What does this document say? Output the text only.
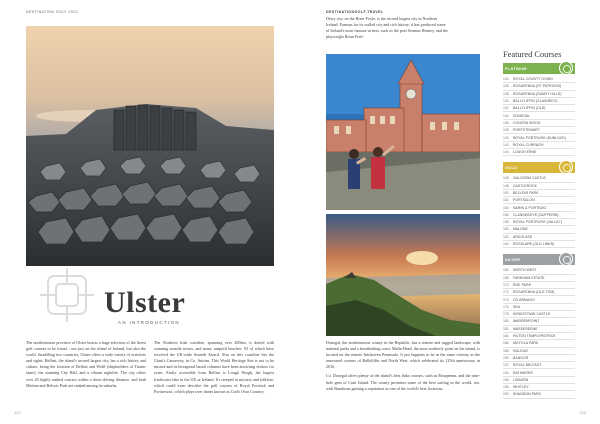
DESTINATION GOLF 2023
Ulster
AN INTRODUCTION

The northernmost province of Ulster boasts a huge selection of the finest golf courses to be found – not just on the island of Ireland, but also the world. Straddling two countries, Ulster offers a wide variety of activities and sights. Belfast, the island's second largest city, has a rich history and culture, being the location of Belfast and Wolff (shipbuilders of Titanic fame), the stunning City Hall, and a vibrant nightlife. The city offers over 20 highly ranked courses within a short driving distance, and both Malone and Belvoir Park are ranked among its suburbs.

The Northern Irish coastline, spanning over 200km, is dotted with stunning seaside towns, and many unspoilt beaches. 93 of which have received the UK-wide Seaside Award. Also on this coastline lies the Giant's Causeway, in Co. Antrim. This World Heritage Site is not to be missed and its hexagonal basalt columns have been attracting visitors for years. Easily accessible from Belfast is Lough Neagh, the largest freshwater lake in the UK or Ireland. It's steeped in mystery and folklore, which could even describe the golf courses of Royal Portrush and Portstewart, which plays over dunes known as God's Own Country.

122
DESTINATIONGOLF.TRAVEL

Derry city, on the River Foyle, is the second largest city in Northern Ireland. Famous for its walled city and rich history, it has produced some of Ireland's most famous writers, such as the poet Seamus Heaney, and the playwright Brian Friel.

Donegal, the northernmost county in the Republic, has a remote and rugged landscape, with national parks and a breathtaking coast. Malin Head, the most northerly point on the island, is located on the remote Inishowen Peninsula. It just happens to be in the same vicinity as the renowned courses of Ballyliffin and North West, which celebrated its 125th anniversary in 2016.

Co. Donegal offers plenty of the island's best links courses, such as Rosapenna, and the nine-hole gem of Cruit Island. The county promises some of the best surfing in the world, too, with Bundoran gaining a reputation as one of the world's best locations.

Featured Courses
PLATINUM
124	ROYAL COUNTY DOWN
126	ROSAPENNA (ST PATRICKS)
128	ROSAPENNA (SANDY HILLS)
130	BALLYLIFFIN (GLASHEDY)
132	BALLYLIFFIN (OLD)
134	DONEGAL
136	CONCRA WOOD
138	PORTSTEWART
140	ROYAL PORTRUSH (DUNLUCE)
142	ROYAL CURRAGH
144	LOUGH ERNE
GOLD
146	GALGORM CASTLE
148	CASTLEROCK
150	BELVOIR PARK
152	PORTSALON
154	NARIN & PORTNOO
156	CLANDEBOYE (DUFFERIN)
158	ROYAL PORTRUSH (VALLEY)
160	MALONE
162	ARDGLASS
164	ROSSLARE (OLD LINKS)
SILVER
166	NORTH WEST
168	FARNHAM ESTATE
170	ROE PARK
172	ROSAPENNA (OLD TOM)
174	CO ARMAGH
176	SEA
178	KIRKISTOWN CASTLE
180	WARRENPOINT
182	MASSEREENE
184	HILTON TEMPLEPATRICK
186	MOYOLA PARK
188	HOLIDAY
190	BANGOR
192	ROYAL BELFAST
194	RATHMORE
196	LISBURN
198	WHITLEY
200	SHANDON PARK
123
